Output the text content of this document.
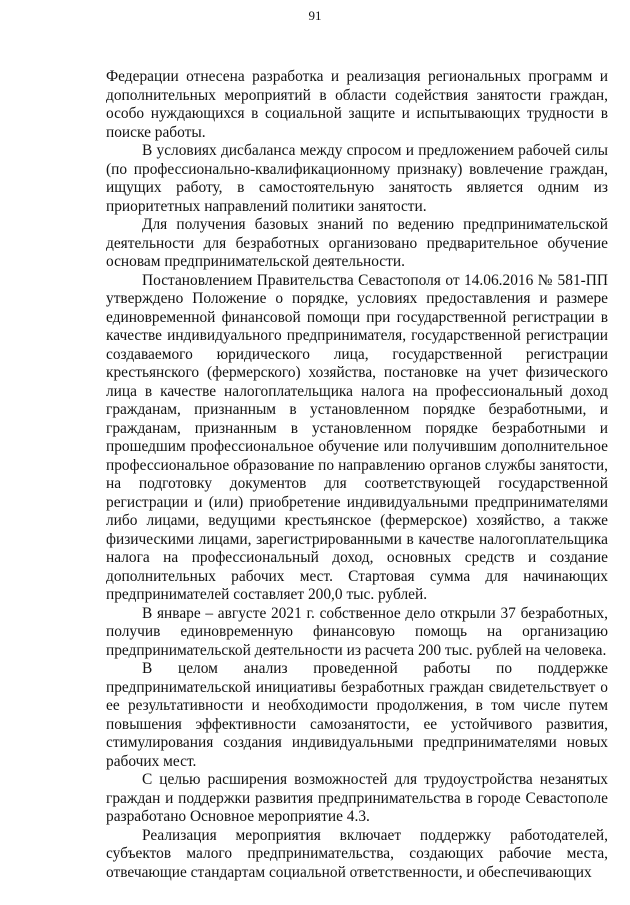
91

Федерации отнесена разработка и реализация региональных программ и дополнительных мероприятий в области содействия занятости граждан, особо нуждающихся в социальной защите и испытывающих трудности в поиске работы.

В условиях дисбаланса между спросом и предложением рабочей силы (по профессионально-квалификационному признаку) вовлечение граждан, ищущих работу, в самостоятельную занятость является одним из приоритетных направлений политики занятости.

Для получения базовых знаний по ведению предпринимательской деятельности для безработных организовано предварительное обучение основам предпринимательской деятельности.

Постановлением Правительства Севастополя от 14.06.2016 № 581-ПП утверждено Положение о порядке, условиях предоставления и размере единовременной финансовой помощи при государственной регистрации в качестве индивидуального предпринимателя, государственной регистрации создаваемого юридического лица, государственной регистрации крестьянского (фермерского) хозяйства, постановке на учет физического лица в качестве налогоплательщика налога на профессиональный доход гражданам, признанным в установленном порядке безработными, и гражданам, признанным в установленном порядке безработными и прошедшим профессиональное обучение или получившим дополнительное профессиональное образование по направлению органов службы занятости, на подготовку документов для соответствующей государственной регистрации и (или) приобретение индивидуальными предпринимателями либо лицами, ведущими крестьянское (фермерское) хозяйство, а также физическими лицами, зарегистрированными в качестве налогоплательщика налога на профессиональный доход, основных средств и создание дополнительных рабочих мест. Стартовая сумма для начинающих предпринимателей составляет 200,0 тыс. рублей.

В январе – августе 2021 г. собственное дело открыли 37 безработных, получив единовременную финансовую помощь на организацию предпринимательской деятельности из расчета 200 тыс. рублей на человека.

В целом анализ проведенной работы по поддержке предпринимательской инициативы безработных граждан свидетельствует о ее результативности и необходимости продолжения, в том числе путем повышения эффективности самозанятости, ее устойчивого развития, стимулирования создания индивидуальными предпринимателями новых рабочих мест.

С целью расширения возможностей для трудоустройства незанятых граждан и поддержки развития предпринимательства в городе Севастополе разработано Основное мероприятие 4.3.

Реализация мероприятия включает поддержку работодателей, субъектов малого предпринимательства, создающих рабочие места, отвечающие стандартам социальной ответственности, и обеспечивающих
